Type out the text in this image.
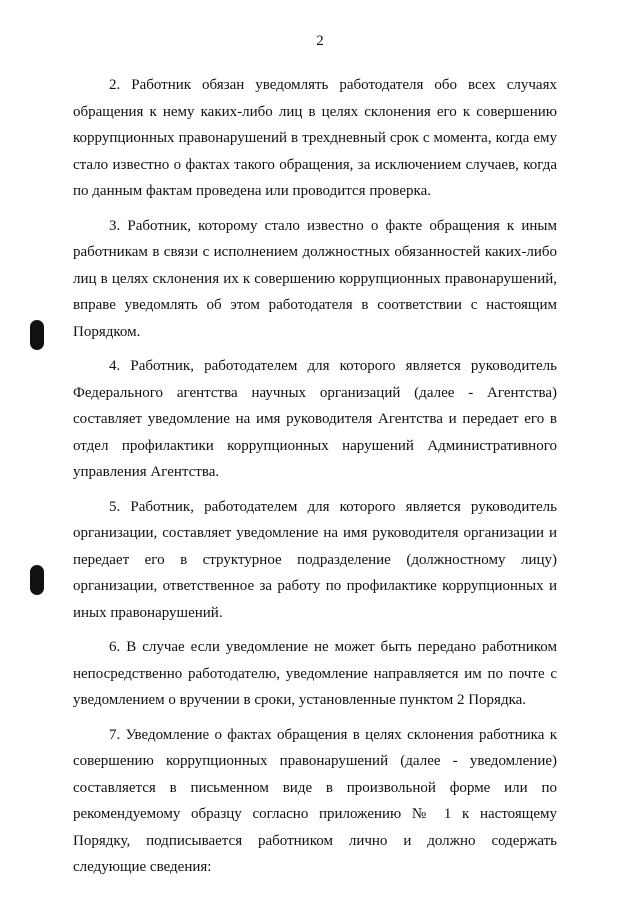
2

2. Работник обязан уведомлять работодателя обо всех случаях обращения к нему каких-либо лиц в целях склонения его к совершению коррупционных правонарушений в трехдневный срок с момента, когда ему стало известно о фактах такого обращения, за исключением случаев, когда по данным фактам проведена или проводится проверка.

3. Работник, которому стало известно о факте обращения к иным работникам в связи с исполнением должностных обязанностей каких-либо лиц в целях склонения их к совершению коррупционных правонарушений, вправе уведомлять об этом работодателя в соответствии с настоящим Порядком.

4. Работник, работодателем для которого является руководитель Федерального агентства научных организаций (далее - Агентства) составляет уведомление на имя руководителя Агентства и передает его в отдел профилактики коррупционных нарушений Административного управления Агентства.

5. Работник, работодателем для которого является руководитель организации, составляет уведомление на имя руководителя организации и передает его в структурное подразделение (должностному лицу) организации, ответственное за работу по профилактике коррупционных и иных правонарушений.

6. В случае если уведомление не может быть передано работником непосредственно работодателю, уведомление направляется им по почте с уведомлением о вручении в сроки, установленные пунктом 2 Порядка.

7. Уведомление о фактах обращения в целях склонения работника к совершению коррупционных правонарушений (далее - уведомление) составляется в письменном виде в произвольной форме или по рекомендуемому образцу согласно приложению № 1 к настоящему Порядку, подписывается работником лично и должно содержать следующие сведения:
